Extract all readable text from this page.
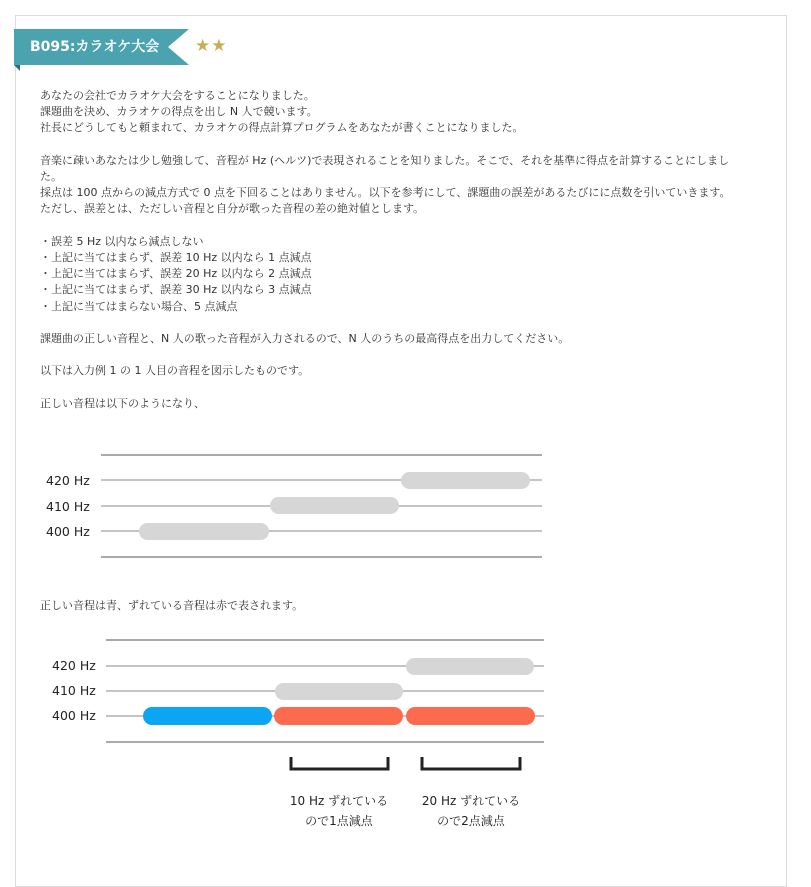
B095:カラオケ大会 ★★

あなたの会社でカラオケ大会をすることになりました。

課題曲を決め、カラオケの得点を出し N 人で競います。

社長にどうしてもと頼まれて、カラオケの得点計算プログラムをあなたが書くことになりました。

音楽に疎いあなたは少し勉強して、音程が Hz (ヘルツ)で表現されることを知りました。そこで、それを基準に得点を計算することにしまし

た。

採点は 100 点からの減点方式で 0 点を下回ることはありません。以下を参考にして、課題曲の誤差があるたびにに点数を引いていきます。

ただし、誤差とは、ただしい音程と自分が歌った音程の差の絶対値とします。

・誤差 5 Hz 以内なら減点しない

・上記に当てはまらず、誤差 10 Hz 以内なら 1 点減点

・上記に当てはまらず、誤差 20 Hz 以内なら 2 点減点

・上記に当てはまらず、誤差 30 Hz 以内なら 3 点減点

・上記に当てはまらない場合、5 点減点

課題曲の正しい音程と、N 人の歌った音程が入力されるので、N 人のうちの最高得点を出力してください。

以下は入力例 1 の 1 人目の音程を図示したものです。

正しい音程は以下のようになり、

正しい音程は青、ずれている音程は赤で表されます。
420 Hz
410 Hz
400 Hz
420 Hz
410 Hz
400 Hz
10 Hz ずれている
ので1点減点
20 Hz ずれている
ので2点減点
